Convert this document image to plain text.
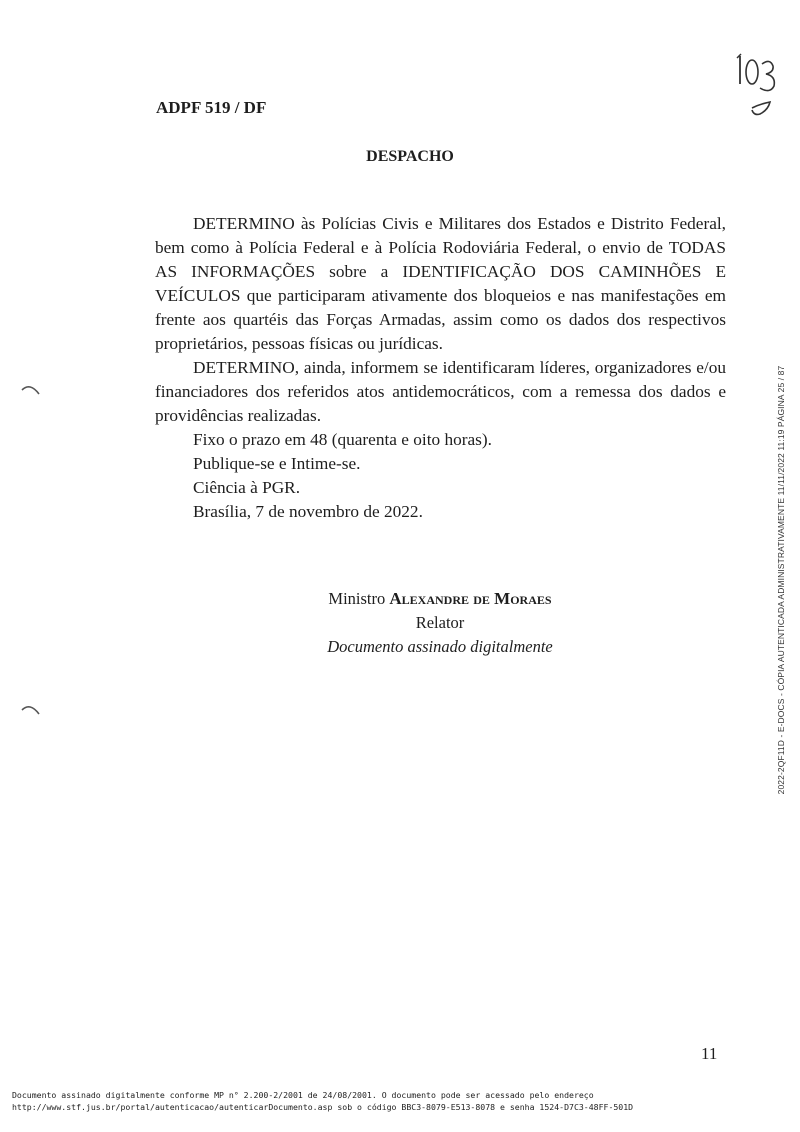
ADPF 519 / DF
DESPACHO

DETERMINO às Polícias Civis e Militares dos Estados e Distrito Federal, bem como à Polícia Federal e à Polícia Rodoviária Federal, o envio de TODAS AS INFORMAÇÕES sobre a IDENTIFICAÇÃO DOS CAMINHÕES E VEÍCULOS que participaram ativamente dos bloqueios e nas manifestações em frente aos quartéis das Forças Armadas, assim como os dados dos respectivos proprietários, pessoas físicas ou jurídicas.

DETERMINO, ainda, informem se identificaram líderes, organizadores e/ou financiadores dos referidos atos antidemocráticos, com a remessa dos dados e providências realizadas.

Fixo o prazo em 48 (quarenta e oito horas).

Publique-se e Intime-se.

Ciência à PGR.

Brasília, 7 de novembro de 2022.

Ministro Alexandre de Moraes
Relator
Documento assinado digitalmente
11
Documento assinado digitalmente conforme MP n° 2.200-2/2001 de 24/08/2001. O documento pode ser acessado pelo endereço
http://www.stf.jus.br/portal/autenticacao/autenticarDocumento.asp sob o código BBC3-8079-E513-8078 e senha 1524-D7C3-48FF-501D
2022-2QF11D - E-DOCS - CÓPIA AUTENTICADA ADMINISTRATIVAMENTE 11/11/2022 11:19 PÁGINA 25 / 87
